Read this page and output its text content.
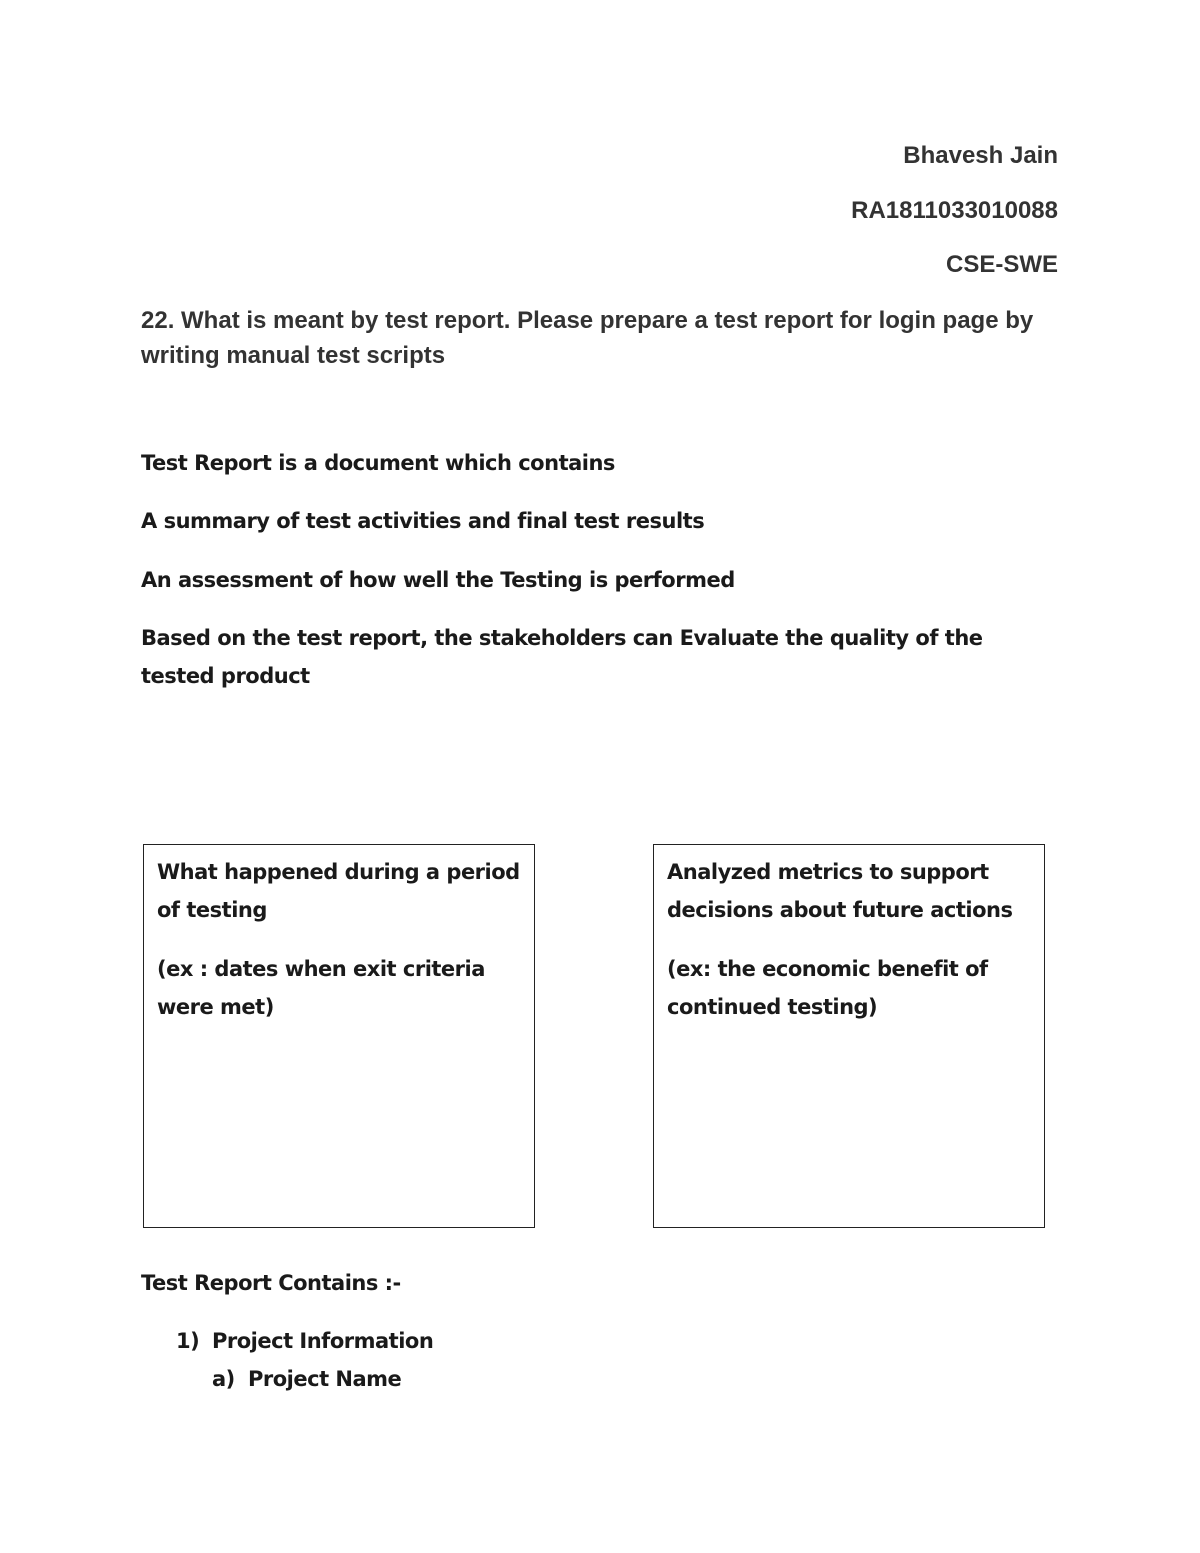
Bhavesh Jain
RA1811033010088
CSE-SWE
22. What is meant by test report. Please prepare a test report for login page by writing manual test scripts
Test Report is a document which contains
A summary of test activities and final test results
An assessment of how well the Testing is performed
Based on the test report, the stakeholders can Evaluate the quality of the tested product

What happened during a period of testing

(ex : dates when exit criteria were met)

Analyzed metrics to support decisions about future actions

(ex: the economic benefit of continued testing)

Test Report Contains :-
1) Project Information
a) Project Name
